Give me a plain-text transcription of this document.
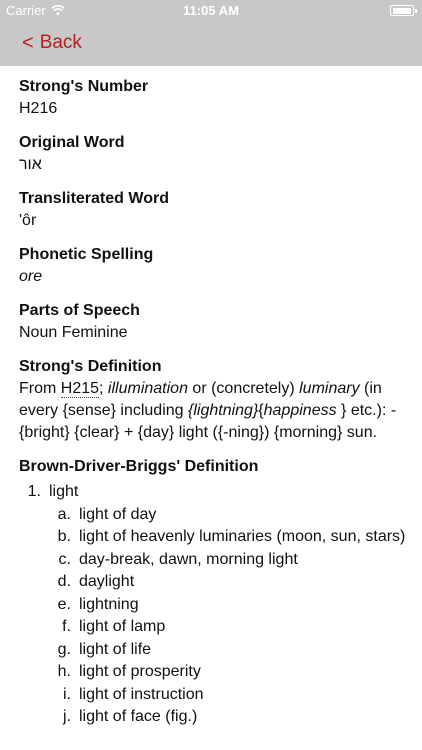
Carrier	11:05 AM
< Back
Strong's Number
H216
Original Word
אור
Transliterated Word
'ôr
Phonetic Spelling
ore
Parts of Speech
Noun Feminine
Strong's Definition
From H215; illumination or (concretely) luminary (in every {sense} including {lightning}{happiness } etc.): - {bright} {clear} + {day} light ({-ning}) {morning} sun.
Brown-Driver-Briggs' Definition
1. light
a. light of day
b. light of heavenly luminaries (moon, sun, stars)
c. day-break, dawn, morning light
d. daylight
e. lightning
f. light of lamp
g. light of life
h. light of prosperity
i. light of instruction
j. light of face (fig.)
